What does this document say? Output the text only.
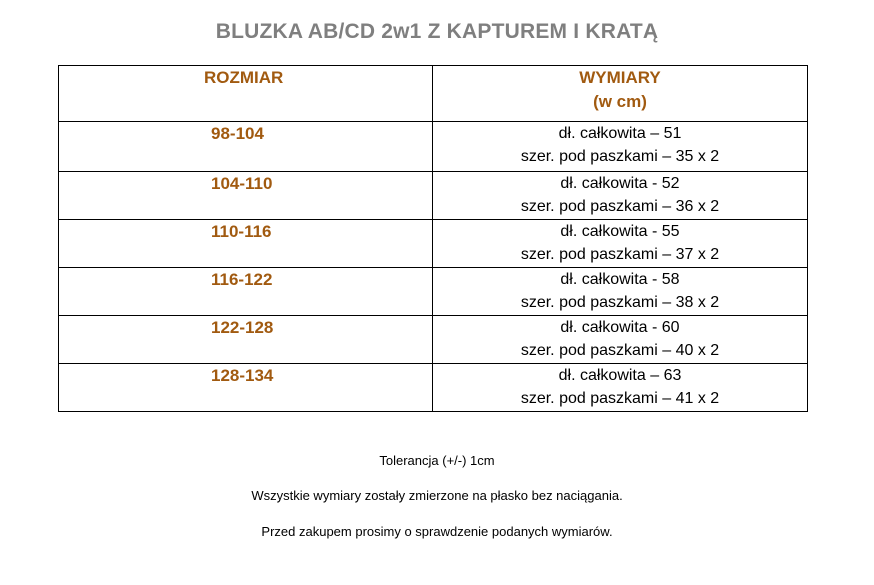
BLUZKA AB/CD 2w1 Z KAPTUREM I KRATĄ
ROZMIAR	WYMIARY
(w cm)

98-104	dł. całkowita – 51
szer. pod paszkami – 35 x 2

104-110	dł. całkowita - 52
szer. pod paszkami – 36 x 2

110-116	dł. całkowita - 55
szer. pod paszkami – 37 x 2

116-122	dł. całkowita - 58
szer. pod paszkami – 38 x 2

122-128	dł. całkowita - 60
szer. pod paszkami – 40 x 2

128-134	dł. całkowita – 63
szer. pod paszkami – 41 x 2
Tolerancja (+/-) 1cm
Wszystkie wymiary zostały zmierzone na płasko bez naciągania.
Przed zakupem prosimy o sprawdzenie podanych wymiarów.
